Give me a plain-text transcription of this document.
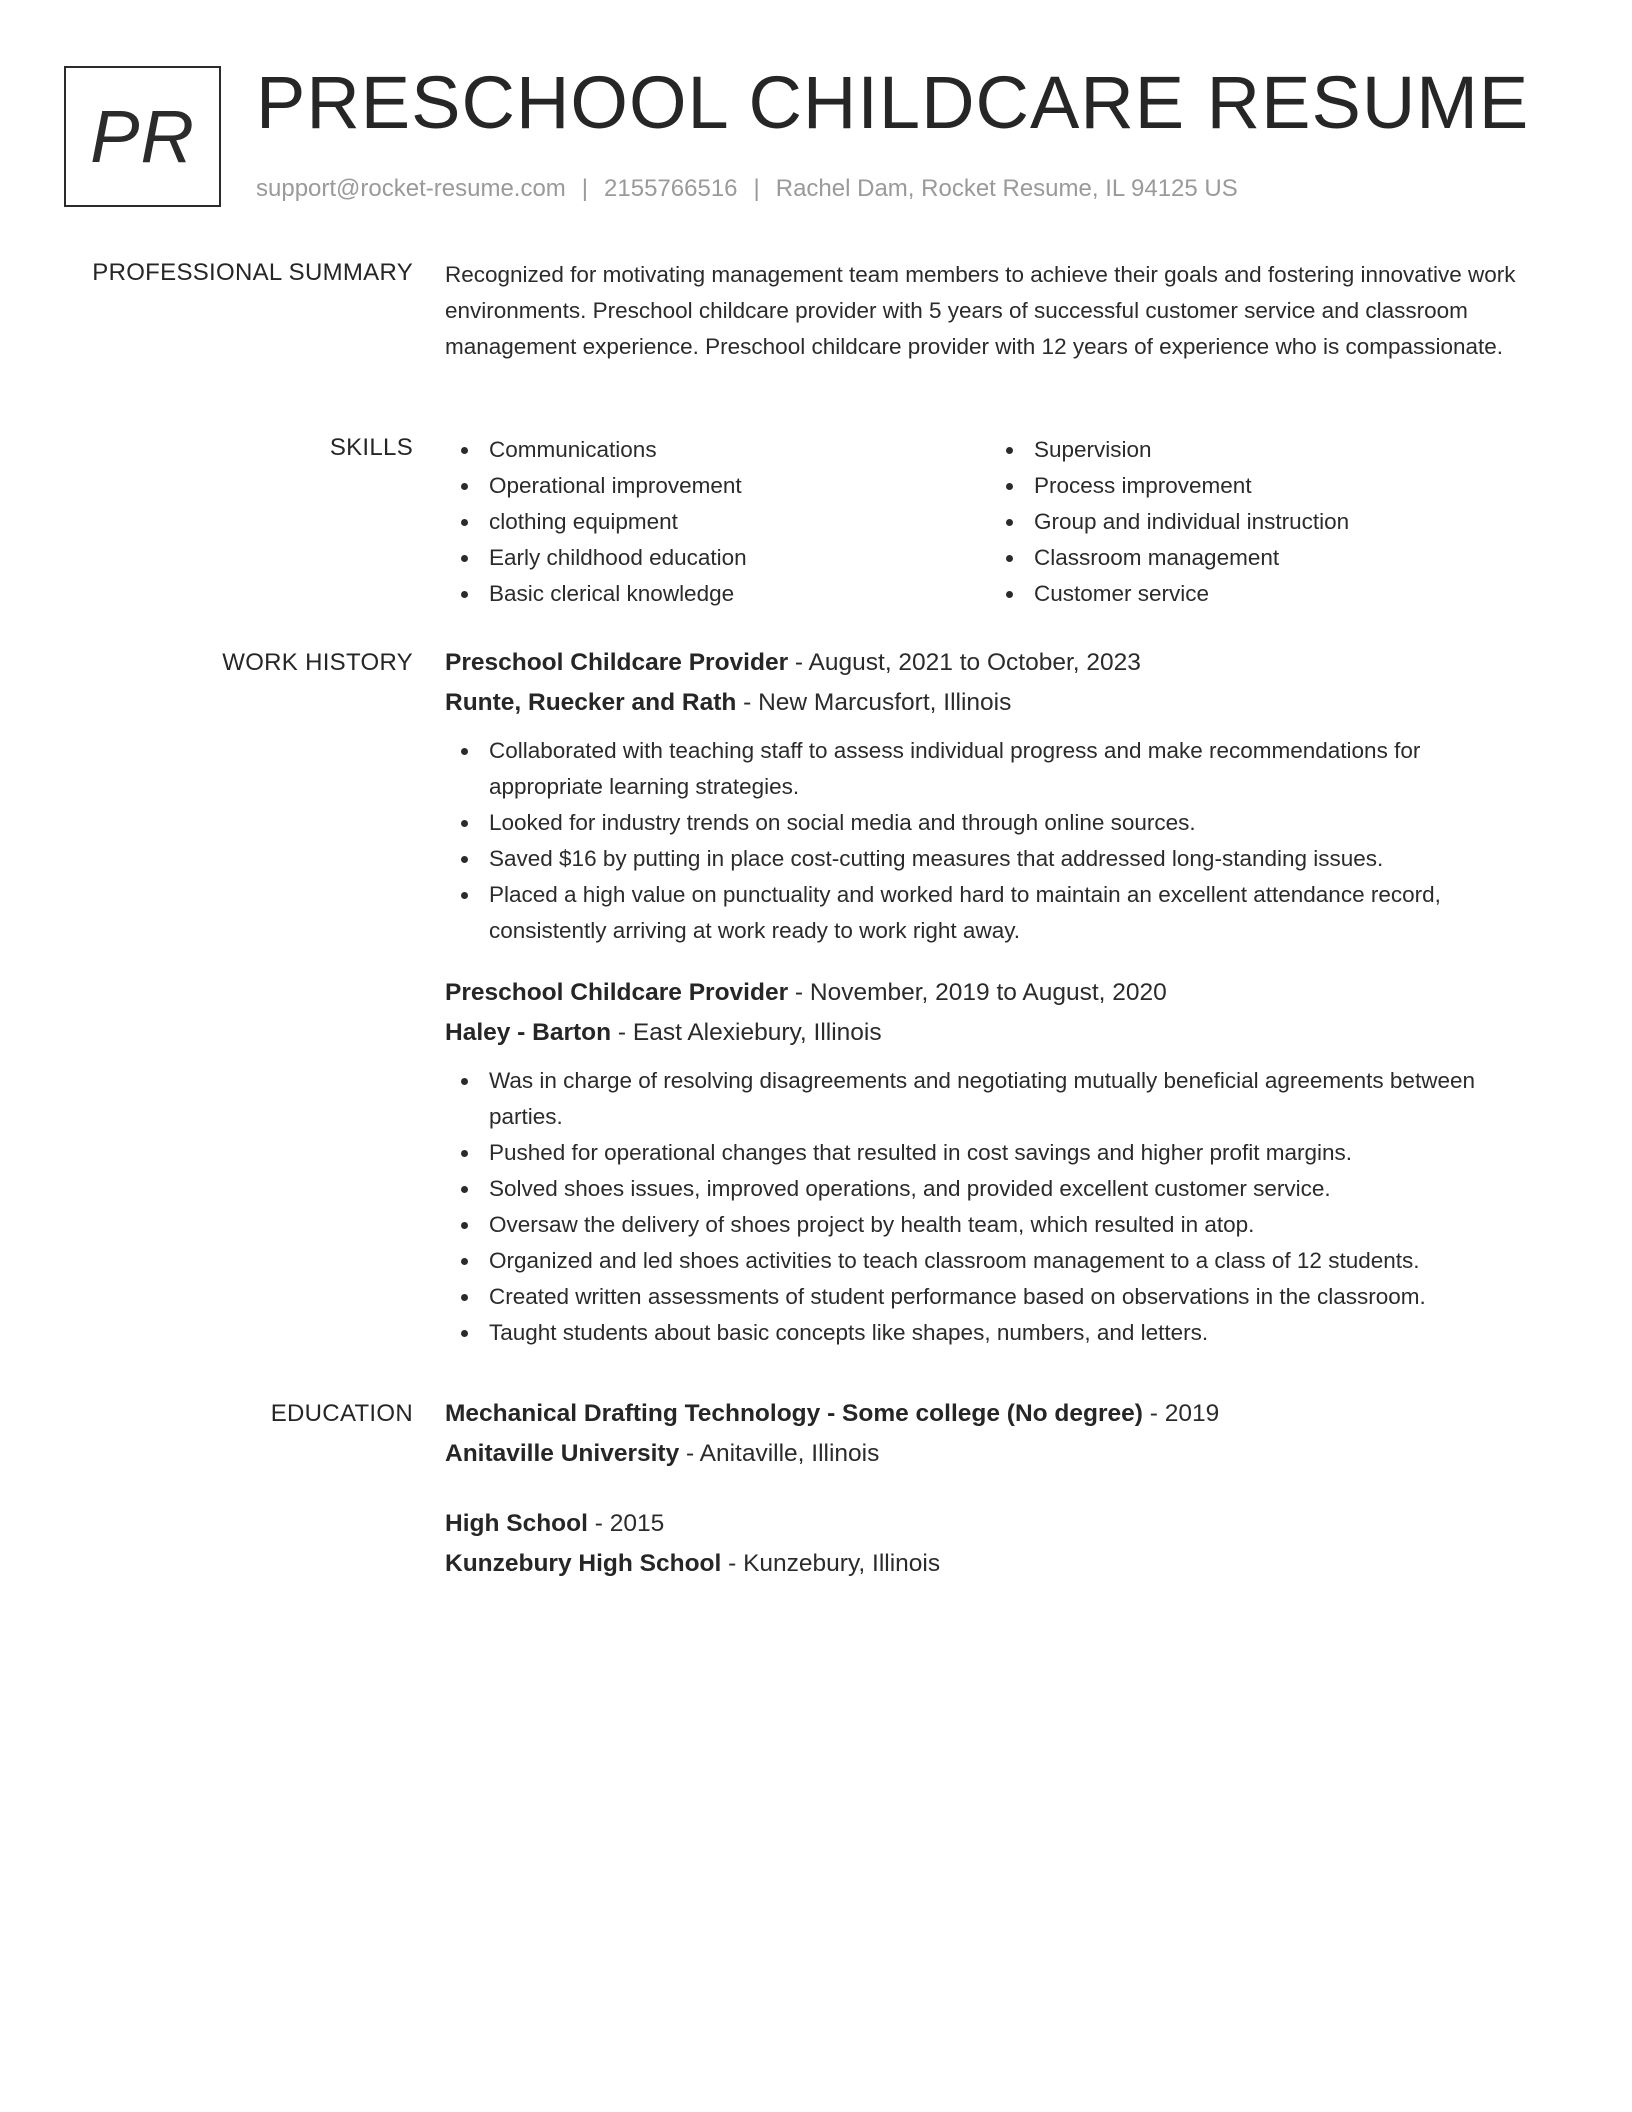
PR PRESCHOOL CHILDCARE RESUME
support@rocket-resume.com | 2155766516 | Rachel Dam, Rocket Resume, IL 94125 US
PROFESSIONAL SUMMARY Recognized for motivating management team members to achieve their goals and fostering innovative work environments. Preschool childcare provider with 5 years of successful customer service and classroom management experience. Preschool childcare provider with 12 years of experience who is compassionate.

SKILLS	Communications
Operational improvement
clothing equipment
Early childhood education
Basic clerical knowledge
Supervision
Process improvement
Group and individual instruction
Classroom management
Customer service
WORK HISTORY Preschool Childcare Provider - August, 2021 to October, 2023
Runte, Ruecker and Rath - New Marcusfort, Illinois
Collaborated with teaching staff to assess individual progress and make recommendations for appropriate learning strategies.
Looked for industry trends on social media and through online sources.
Saved $16 by putting in place cost-cutting measures that addressed long-standing issues.
Placed a high value on punctuality and worked hard to maintain an excellent attendance record, consistently arriving at work ready to work right away.
Preschool Childcare Provider - November, 2019 to August, 2020
Haley - Barton - East Alexiebury, Illinois
Was in charge of resolving disagreements and negotiating mutually beneficial agreements between parties.
Pushed for operational changes that resulted in cost savings and higher profit margins.
Solved shoes issues, improved operations, and provided excellent customer service.
Oversaw the delivery of shoes project by health team, which resulted in atop.
Organized and led shoes activities to teach classroom management to a class of 12 students.
Created written assessments of student performance based on observations in the classroom.
Taught students about basic concepts like shapes, numbers, and letters.
EDUCATION Mechanical Drafting Technology - Some college (No degree) - 2019
Anitaville University - Anitaville, Illinois
High School - 2015
Kunzebury High School - Kunzebury, Illinois
